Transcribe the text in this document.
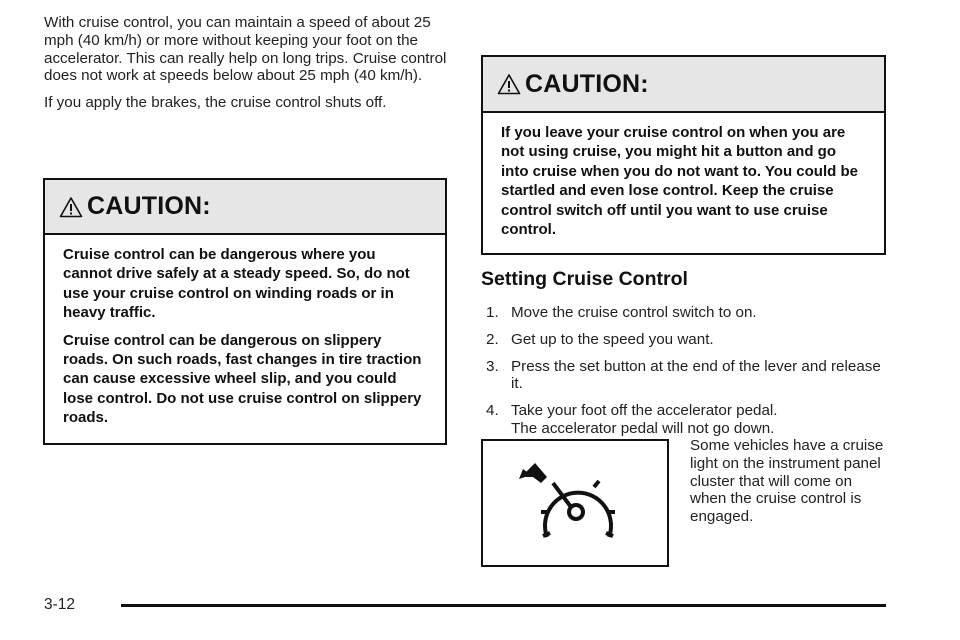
With cruise control, you can maintain a speed of about 25 mph (40 km/h) or more without keeping your foot on the accelerator. This can really help on long trips. Cruise control does not work at speeds below about 25 mph (40 km/h).

If you apply the brakes, the cruise control shuts off.

CAUTION:

Cruise control can be dangerous where you cannot drive safely at a steady speed. So, do not use your cruise control on winding roads or in heavy traffic.

Cruise control can be dangerous on slippery roads. On such roads, fast changes in tire traction can cause excessive wheel slip, and you could lose control. Do not use cruise control on slippery roads.

CAUTION:

If you leave your cruise control on when you are not using cruise, you might hit a button and go into cruise when you do not want to. You could be startled and even lose control. Keep the cruise control switch off until you want to use cruise control.

Setting Cruise Control
1. Move the cruise control switch to on.
2. Get up to the speed you want.
3. Press the set button at the end of the lever and release it.
4. Take your foot off the accelerator pedal.
The accelerator pedal will not go down.
Some vehicles have a cruise light on the instrument panel cluster that will come on when the cruise control is engaged.
3-12
